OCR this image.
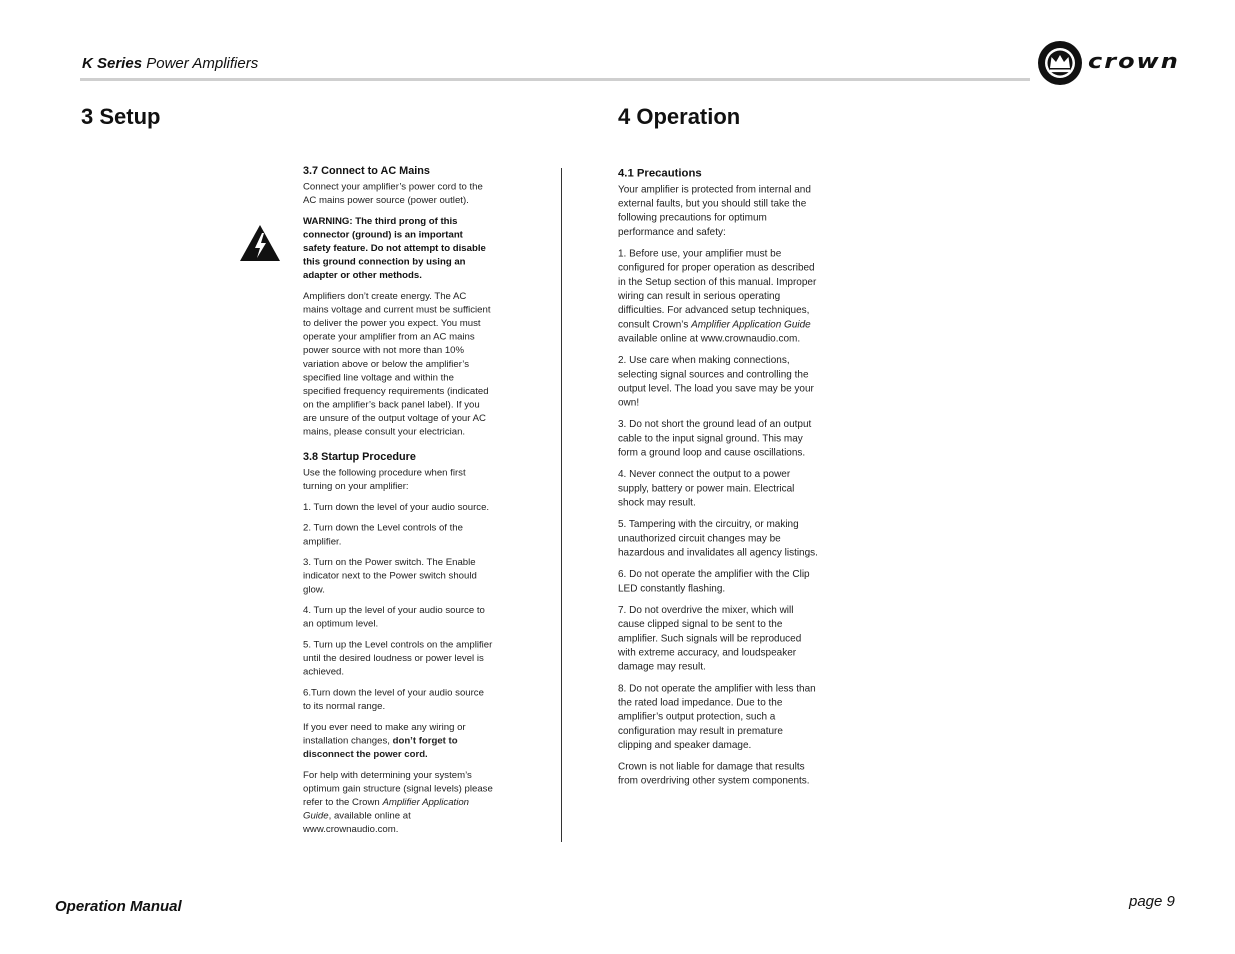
K Series Power Amplifiers	crown
3 Setup	4 Operation
3.7 Connect to AC Mains

Connect your amplifier’s power cord to the AC mains power source (power outlet).

WARNING: The third prong of this connector (ground) is an important safety feature. Do not attempt to disable this ground connection by using an adapter or other methods.

Amplifiers don’t create energy. The AC mains voltage and current must be sufficient to deliver the power you expect. You must operate your amplifier from an AC mains power source with not more than 10% variation above or below the amplifier’s specified line voltage and within the specified frequency requirements (indicated on the amplifier’s back panel label). If you are unsure of the output voltage of your AC mains, please consult your electrician.

3.8 Startup Procedure

Use the following procedure when first turning on your amplifier:

1. Turn down the level of your audio source.

2. Turn down the Level controls of the amplifier.

3. Turn on the Power switch. The Enable indicator next to the Power switch should glow.

4. Turn up the level of your audio source to an optimum level.

5. Turn up the Level controls on the amplifier until the desired loudness or power level is achieved.

6.Turn down the level of your audio source to its normal range.

If you ever need to make any wiring or installation changes, don’t forget to disconnect the power cord.

For help with determining your system’s optimum gain structure (signal levels) please refer to the Crown Amplifier Application Guide, available online at www.crownaudio.com.

4.1 Precautions

Your amplifier is protected from internal and external faults, but you should still take the following precautions for optimum performance and safety:

1. Before use, your amplifier must be configured for proper operation as described in the Setup section of this manual. Improper wiring can result in serious operating difficulties. For advanced setup techniques, consult Crown’s Amplifier Application Guide available online at www.crownaudio.com.

2. Use care when making connections, selecting signal sources and controlling the output level. The load you save may be your own!

3. Do not short the ground lead of an output cable to the input signal ground. This may form a ground loop and cause oscillations.

4. Never connect the output to a power supply, battery or power main. Electrical shock may result.

5. Tampering with the circuitry, or making unauthorized circuit changes may be hazardous and invalidates all agency listings.

6. Do not operate the amplifier with the Clip LED constantly flashing.

7. Do not overdrive the mixer, which will cause clipped signal to be sent to the amplifier. Such signals will be reproduced with extreme accuracy, and loudspeaker damage may result.

8. Do not operate the amplifier with less than the rated load impedance. Due to the amplifier’s output protection, such a configuration may result in premature clipping and speaker damage.

Crown is not liable for damage that results from overdriving other system components.

Operation Manual	page 9
